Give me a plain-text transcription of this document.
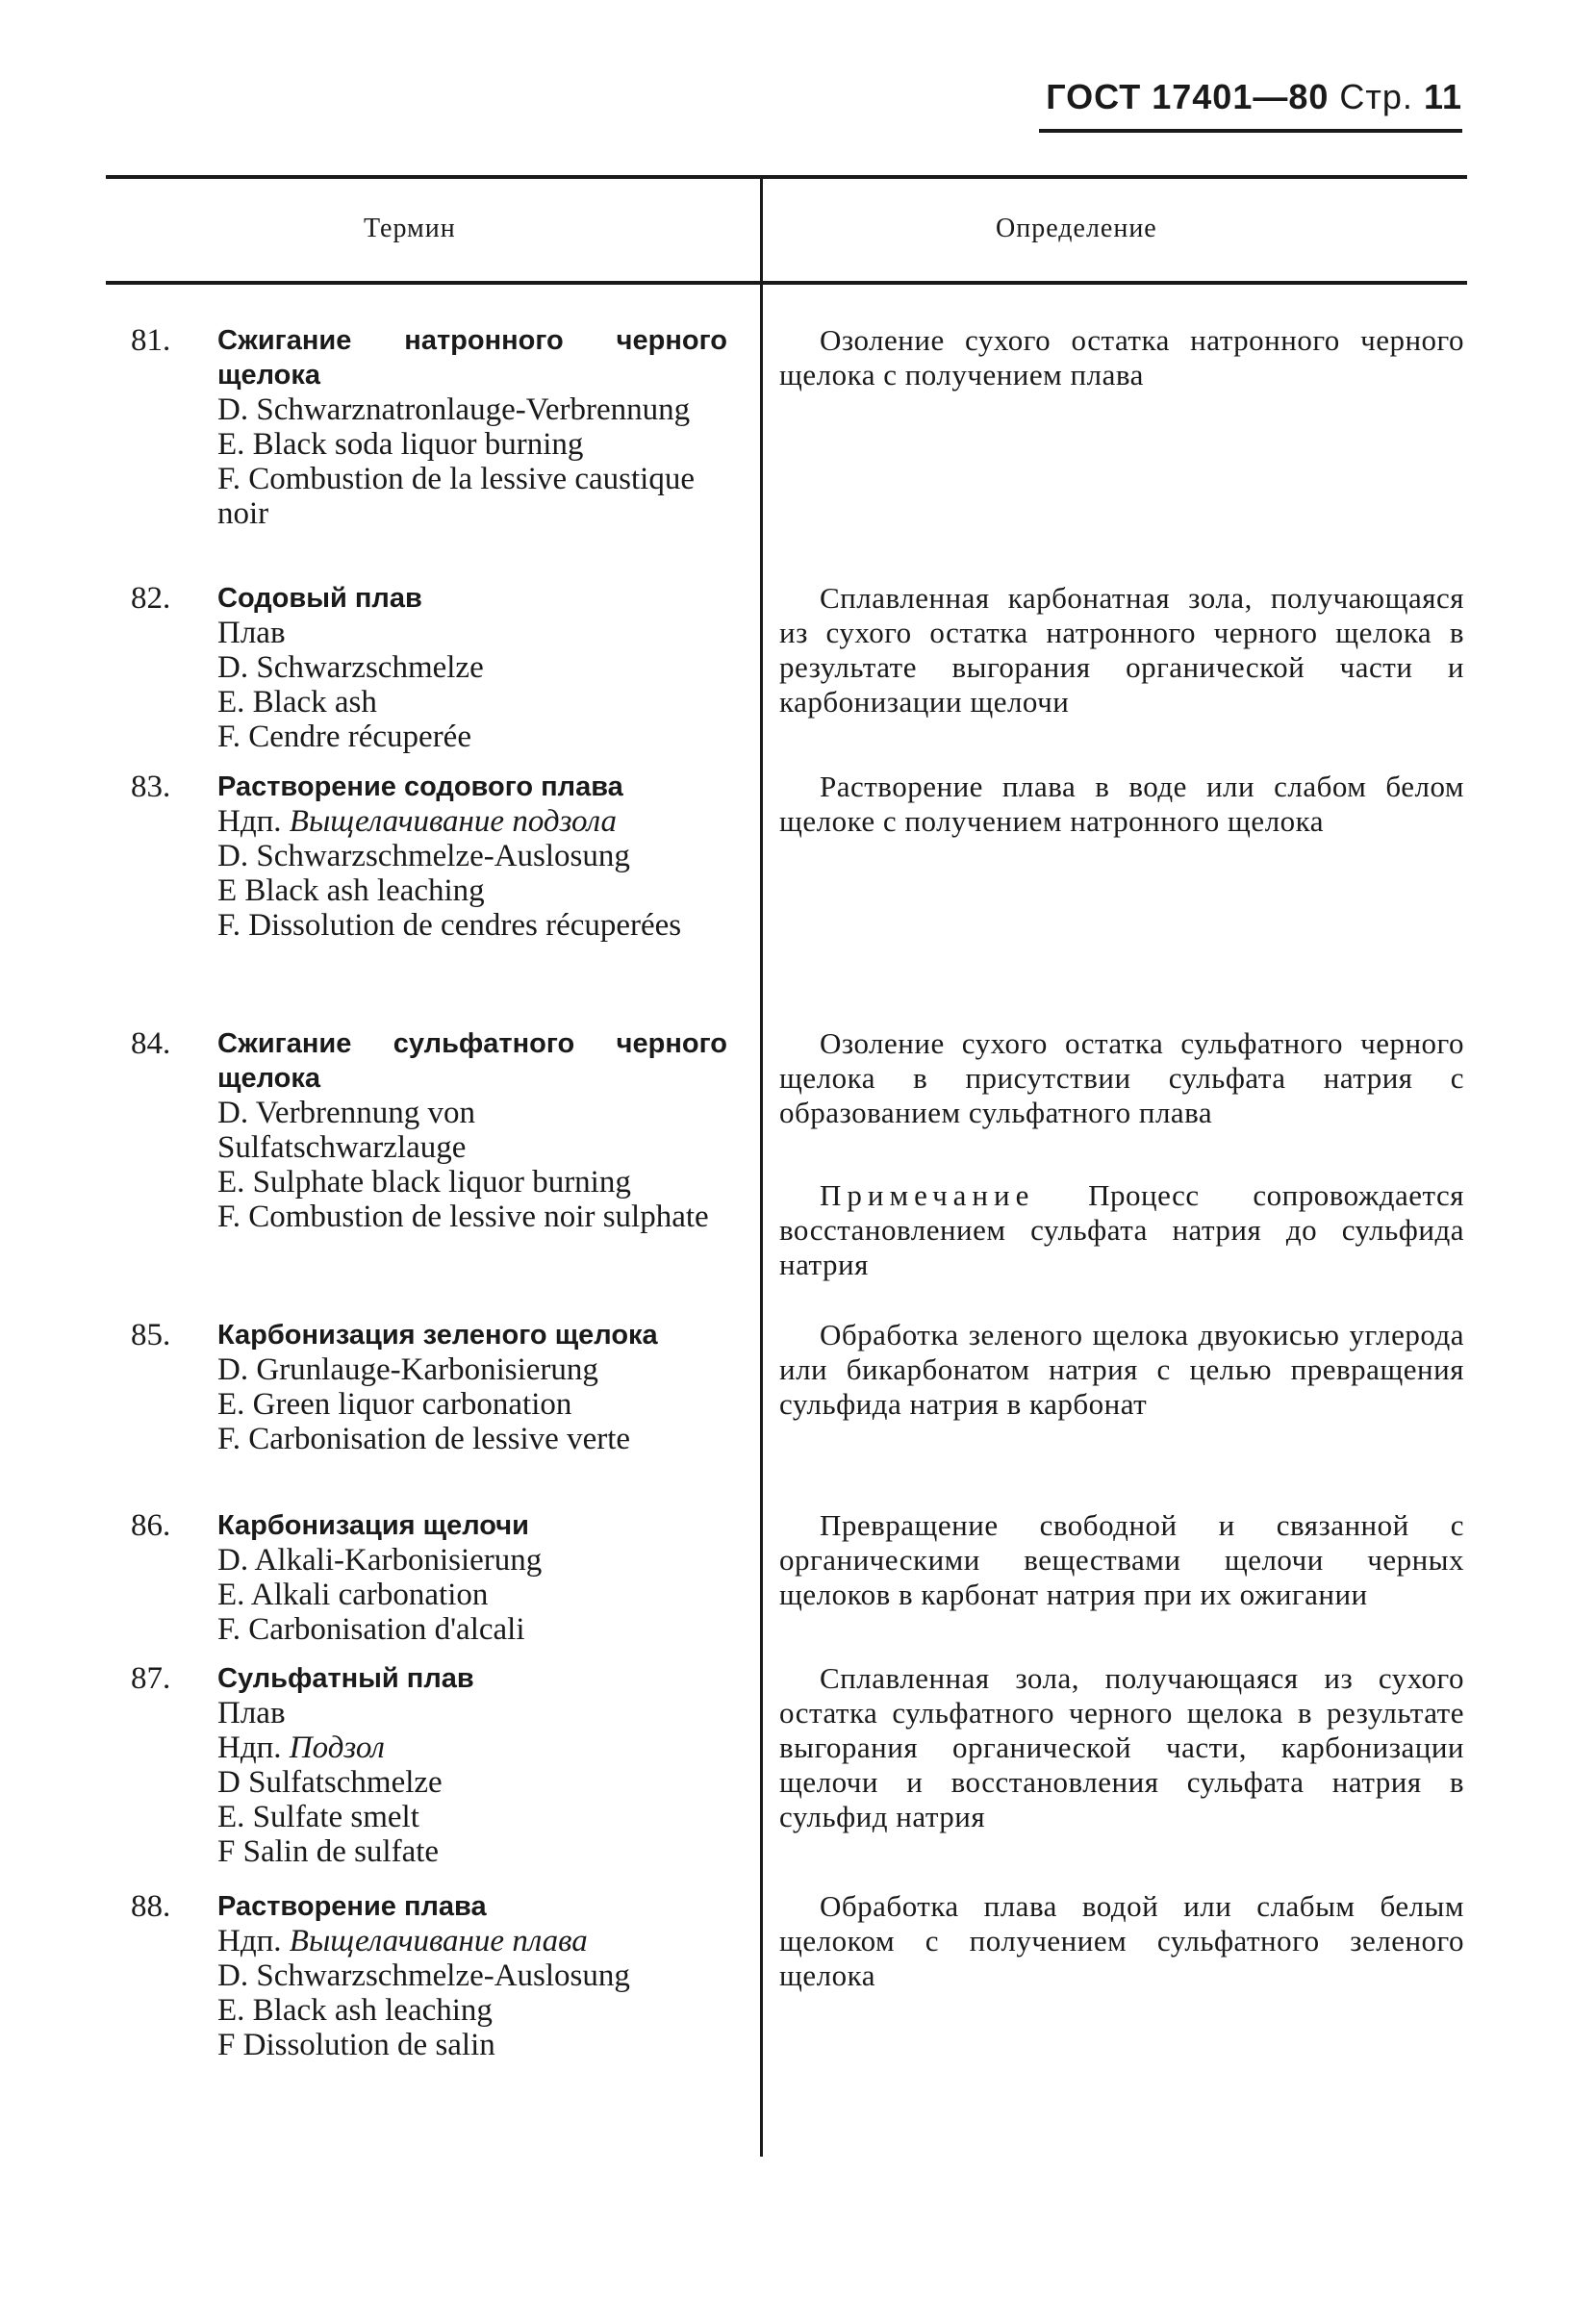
ГОСТ 17401—80 Стр. 11
Термин	Определение
81.	Сжигание натронного черного щелока
D. Schwarznatronlauge-Verbrennung
E. Black soda liquor burning
F. Combustion de la lessive caustique noir
Озоление сухого остатка натронного черного щелока с получением плава
82.	Содовый плав
Плав
D. Schwarzschmelze
E. Black ash
F. Cendre récuperée
Сплавленная карбонатная зола, получающаяся из сухого остатка натронного черного щелока в результате выгорания органической части и карбонизации щелочи
83.	Растворение содового плава
Ндп. Выщелачивание подзола
D. Schwarzschmelze-Auslosung
E Black ash leaching
F. Dissolution de cendres récuperées
Растворение плава в воде или слабом белом щелоке с получением натронного щелока
84.	Сжигание сульфатного черного щелока
D. Verbrennung von Sulfatschwarzlauge
E. Sulphate black liquor burning
F. Combustion de lessive noir sulphate
Озоление сухого остатка сульфатного черного щелока в присутствии сульфата натрия с образованием сульфатного плава
Примечание Процесс сопровождается восстановлением сульфата натрия до сульфида натрия
85.	Карбонизация зеленого щелока
D. Grunlauge-Karbonisierung
E. Green liquor carbonation
F. Carbonisation de lessive verte
Обработка зеленого щелока двуокисью углерода или бикарбонатом натрия с целью превращения сульфида натрия в карбонат
86.	Карбонизация щелочи
D. Alkali-Karbonisierung
E. Alkali carbonation
F. Carbonisation d'alcali
Превращение свободной и связанной с органическими веществами щелочи черных щелоков в карбонат натрия при их ожигании
87.	Сульфатный плав
Плав
Ндп. Подзол
D Sulfatschmelze
E. Sulfate smelt
F Salin de sulfate
Сплавленная зола, получающаяся из сухого остатка сульфатного черного щелока в результате выгорания органической части, карбонизации щелочи и восстановления сульфата натрия в сульфид натрия
88.	Растворение плава
Ндп. Выщелачивание плава
D. Schwarzschmelze-Auslosung
E. Black ash leaching
F Dissolution de salin
Обработка плава водой или слабым белым щелоком с получением сульфатного зеленого щелока
